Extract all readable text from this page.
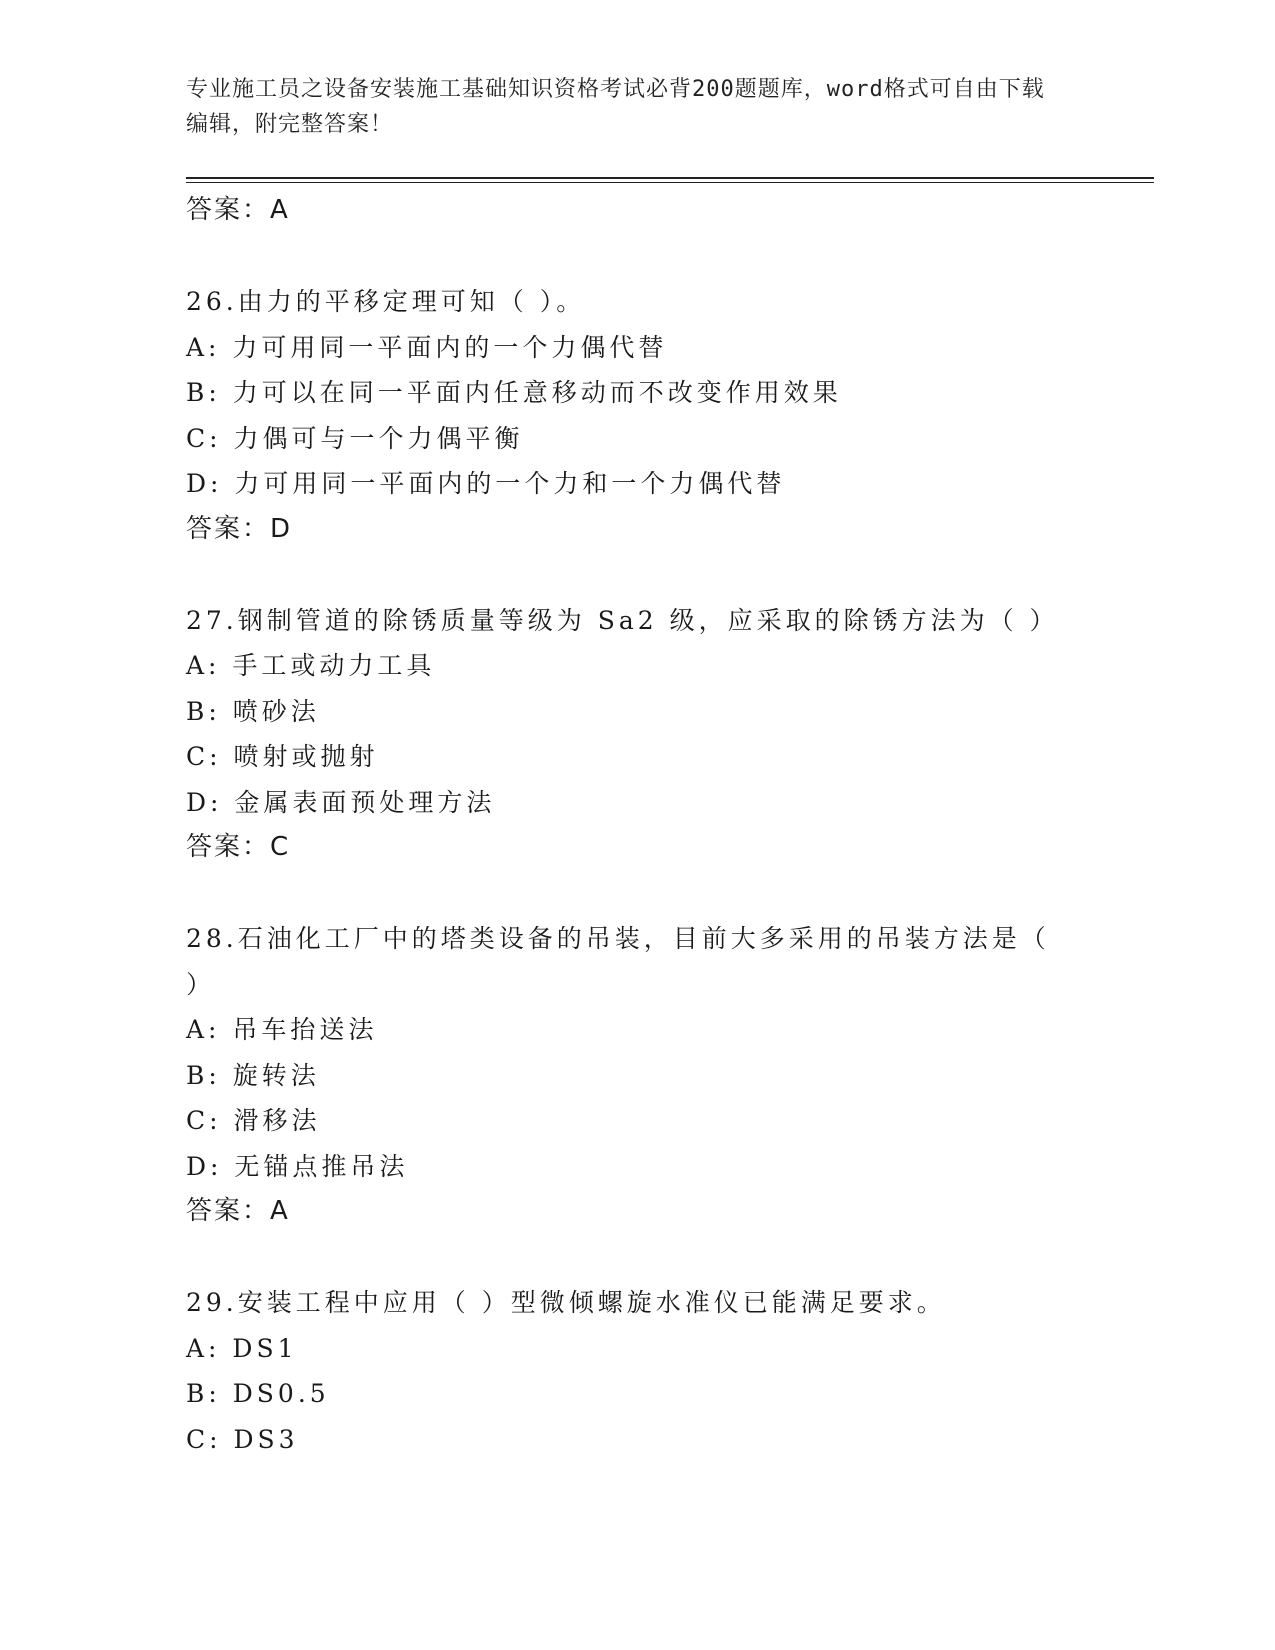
专业施工员之设备安装施工基础知识资格考试必背200题题库，word格式可自由下载编辑，附完整答案！
答案：A
26.由力的平移定理可知（ ）。
A: 力可用同一平面内的一个力偶代替
B: 力可以在同一平面内任意移动而不改变作用效果
C: 力偶可与一个力偶平衡
D: 力可用同一平面内的一个力和一个力偶代替
答案：D
27.钢制管道的除锈质量等级为 Sa2 级，应采取的除锈方法为（ ）
A: 手工或动力工具
B: 喷砂法
C: 喷射或抛射
D: 金属表面预处理方法
答案：C
28.石油化工厂中的塔类设备的吊装，目前大多采用的吊装方法是（ ）
A: 吊车抬送法
B: 旋转法
C: 滑移法
D: 无锚点推吊法
答案：A
29.安装工程中应用（ ）型微倾螺旋水准仪已能满足要求。
A: DS1
B: DS0.5
C: DS3
